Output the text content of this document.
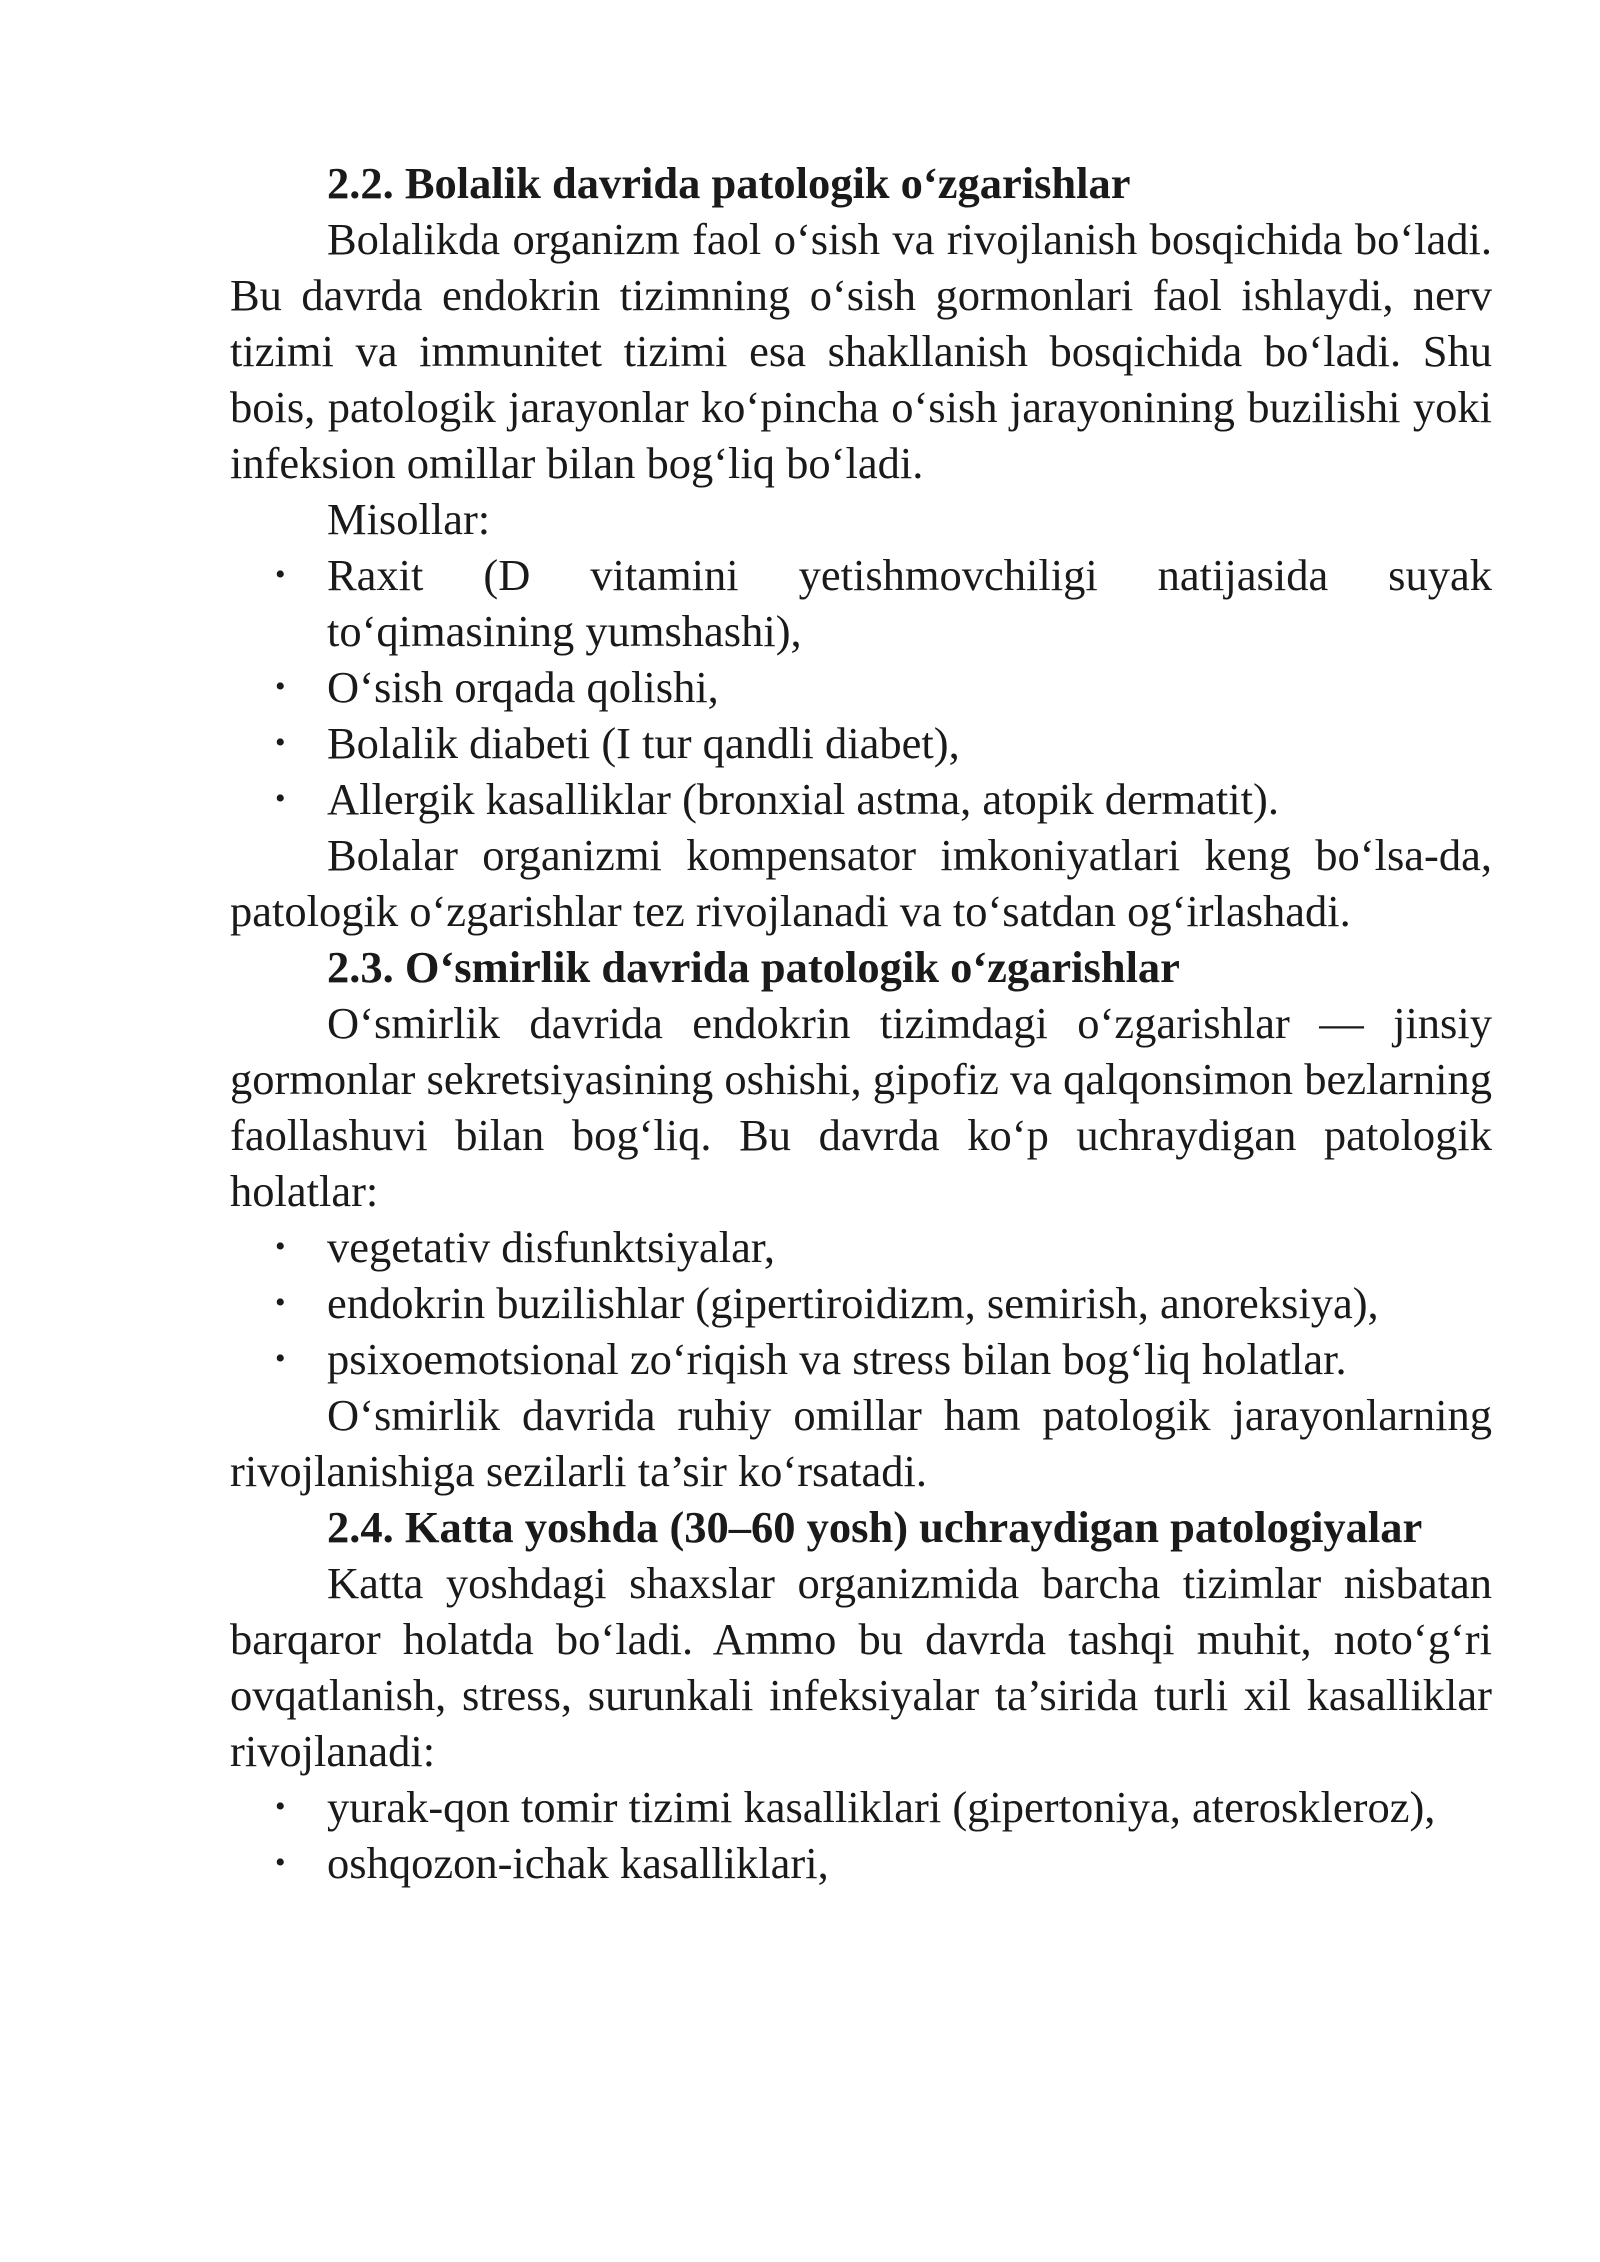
2.2. Bolalik davrida patologik o‘zgarishlar

Bolalikda organizm faol o‘sish va rivojlanish bosqichida bo‘ladi. Bu davrda endokrin tizimning o‘sish gormonlari faol ishlaydi, nerv tizimi va immunitet tizimi esa shakllanish bosqichida bo‘ladi. Shu bois, patologik jarayonlar ko‘pincha o‘sish jarayonining buzilishi yoki infeksion omillar bilan bog‘liq bo‘ladi.

Misollar:

• Raxit (D vitamini yetishmovchiligi natijasida suyak to‘qimasining yumshashi),
• O‘sish orqada qolishi,
• Bolalik diabeti (I tur qandli diabet),
• Allergik kasalliklar (bronxial astma, atopik dermatit).

Bolalar organizmi kompensator imkoniyatlari keng bo‘lsa-da, patologik o‘zgarishlar tez rivojlanadi va to‘satdan og‘irlashadi.

2.3. O‘smirlik davrida patologik o‘zgarishlar

O‘smirlik davrida endokrin tizimdagi o‘zgarishlar — jinsiy gormonlar sekretsiyasining oshishi, gipofiz va qalqonsimon bezlarning faollashuvi bilan bog‘liq. Bu davrda ko‘p uchraydigan patologik holatlar:

• vegetativ disfunktsiyalar,
• endokrin buzilishlar (gipertiroidizm, semirish, anoreksiya),
• psixoemotsional zo‘riqish va stress bilan bog‘liq holatlar.

O‘smirlik davrida ruhiy omillar ham patologik jarayonlarning rivojlanishiga sezilarli ta’sir ko‘rsatadi.

2.4. Katta yoshda (30–60 yosh) uchraydigan patologiyalar

Katta yoshdagi shaxslar organizmida barcha tizimlar nisbatan barqaror holatda bo‘ladi. Ammo bu davrda tashqi muhit, noto‘g‘ri ovqatlanish, stress, surunkali infeksiyalar ta’sirida turli xil kasalliklar rivojlanadi:

• yurak-qon tomir tizimi kasalliklari (gipertoniya, ateroskleroz),
• oshqozon-ichak kasalliklari,
